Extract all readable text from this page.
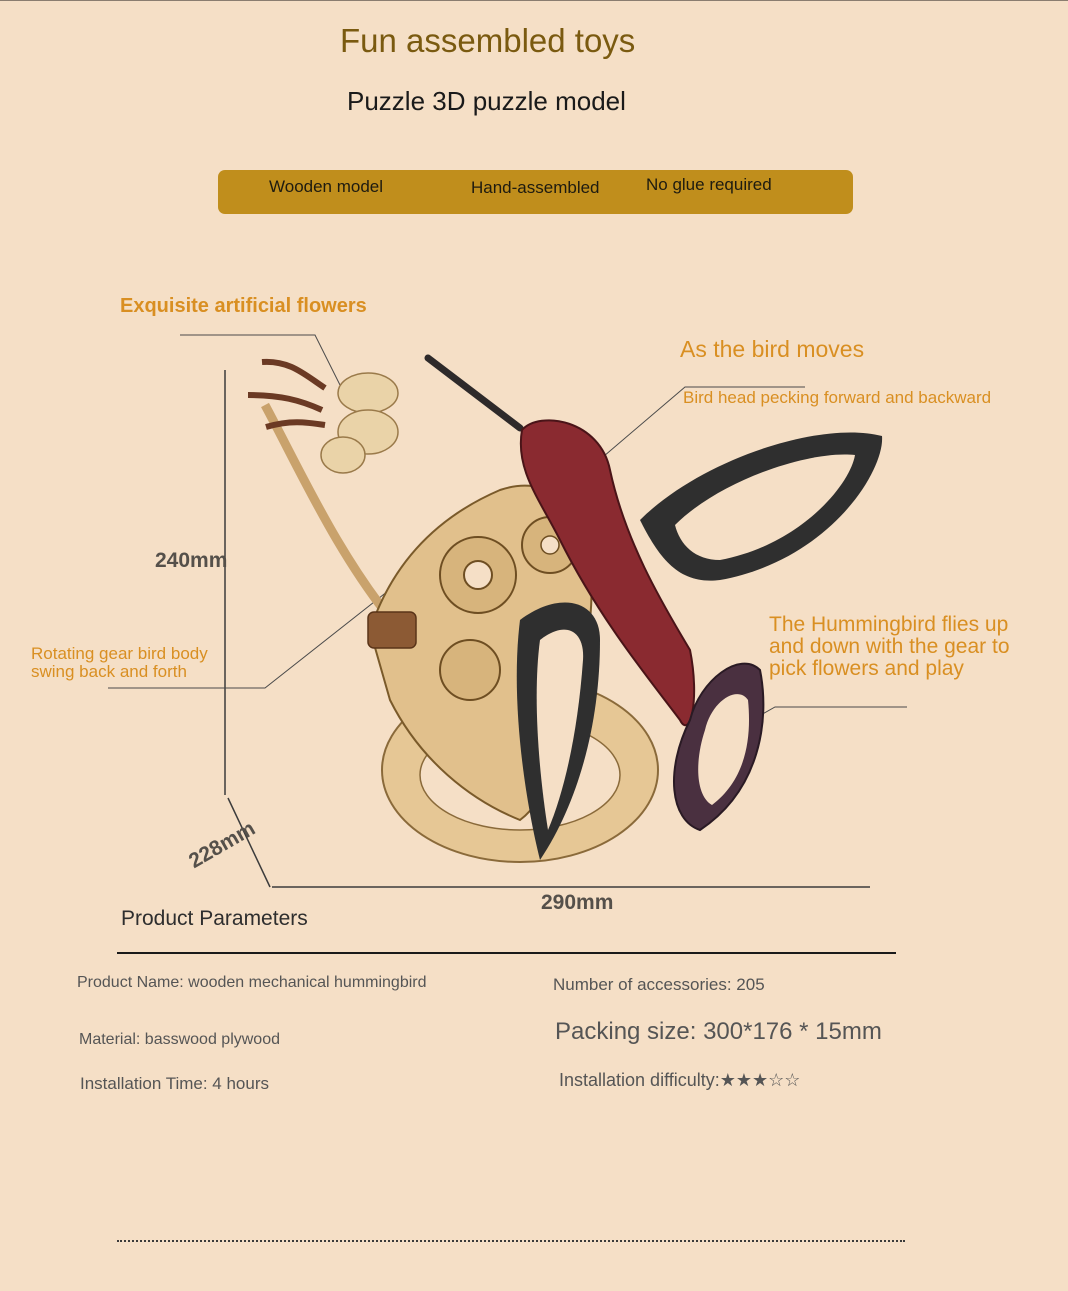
Fun assembled toys
Puzzle 3D puzzle model
Wooden model	Hand-assembled	No glue required
Exquisite artificial flowers
As the bird moves
Bird head pecking forward and backward
Rotating gear bird body swing back and forth
The Hummingbird flies up and down with the gear to pick flowers and play
240mm
228mm
290mm
Product Parameters
Product Name: wooden mechanical hummingbird
Material: basswood plywood
Installation Time: 4 hours
Number of accessories: 205
Packing size: 300*176 * 15mm
Installation difficulty:★★★☆☆
